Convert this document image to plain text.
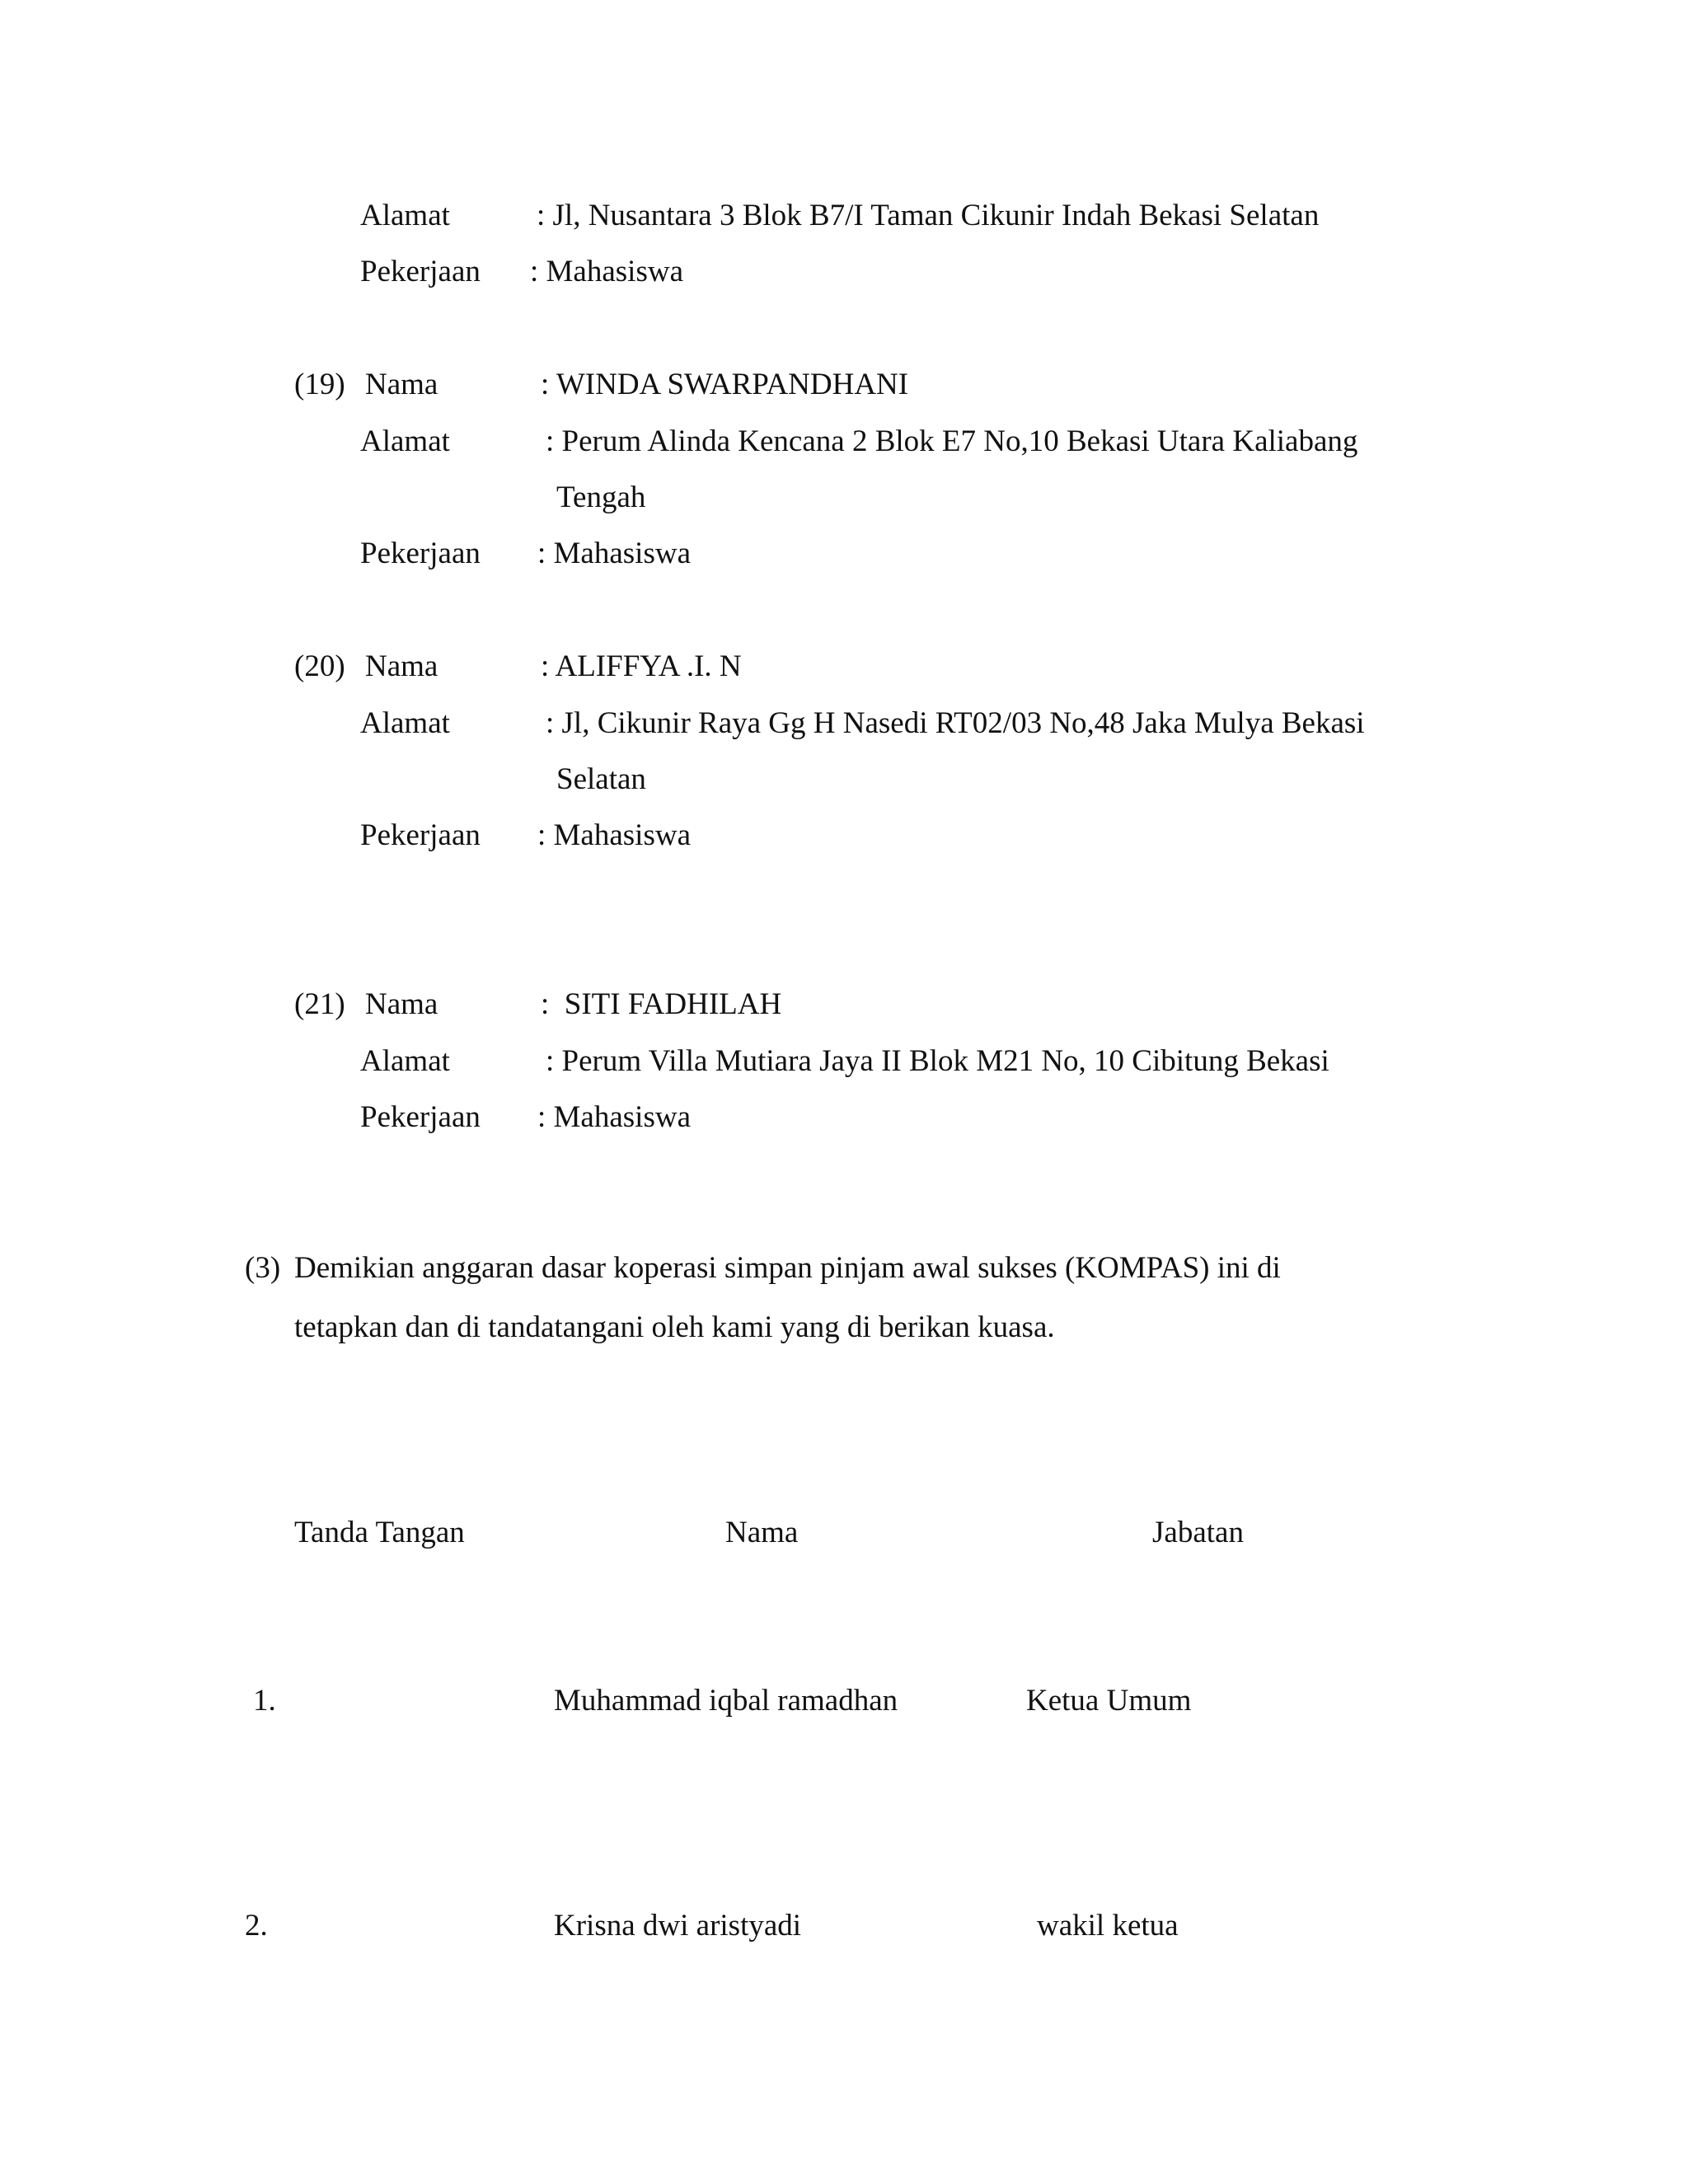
Alamat	: Jl, Nusantara 3 Blok B7/I Taman Cikunir Indah Bekasi Selatan
Pekerjaan : Mahasiswa
(19) Nama	: WINDA SWARPANDHANI
Alamat	: Perum Alinda Kencana 2 Blok E7 No,10 Bekasi Utara Kaliabang
Tengah
Pekerjaan : Mahasiswa
(20) Nama	: ALIFFYA .I. N
Alamat	: Jl, Cikunir Raya Gg H Nasedi RT02/03 No,48 Jaka Mulya Bekasi
Selatan
Pekerjaan : Mahasiswa
(21) Nama	:  SITI FADHILAH
Alamat	: Perum Villa Mutiara Jaya II Blok M21 No, 10 Cibitung Bekasi
Pekerjaan : Mahasiswa
(3) Demikian anggaran dasar koperasi simpan pinjam awal sukses (KOMPAS) ini di
tetapkan dan di tandatangani oleh kami yang di berikan kuasa.
Tanda Tangan	Nama	Jabatan
1.	Muhammad iqbal ramadhan	Ketua Umum
2.	Krisna dwi aristyadi	wakil ketua
